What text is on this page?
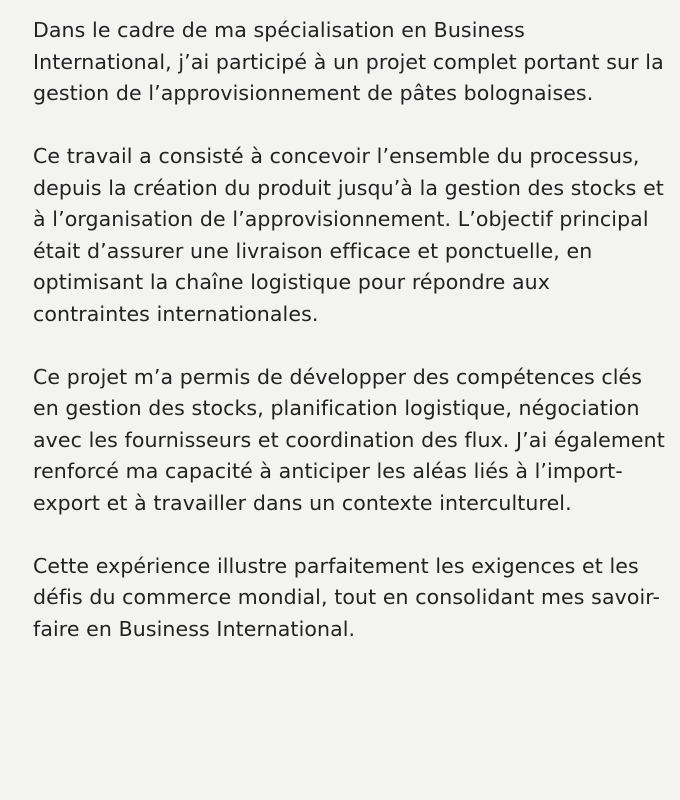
Dans le cadre de ma spécialisation en Business International, j’ai participé à un projet complet portant sur la gestion de l’approvisionnement de pâtes bolognaises.

Ce travail a consisté à concevoir l’ensemble du processus, depuis la création du produit jusqu’à la gestion des stocks et à l’organisation de l’approvisionnement. L’objectif principal était d’assurer une livraison efficace et ponctuelle, en optimisant la chaîne logistique pour répondre aux contraintes internationales.

Ce projet m’a permis de développer des compétences clés en gestion des stocks, planification logistique, négociation avec les fournisseurs et coordination des flux. J’ai également renforcé ma capacité à anticiper les aléas liés à l’import-export et à travailler dans un contexte interculturel.

Cette expérience illustre parfaitement les exigences et les défis du commerce mondial, tout en consolidant mes savoir-faire en Business International.
